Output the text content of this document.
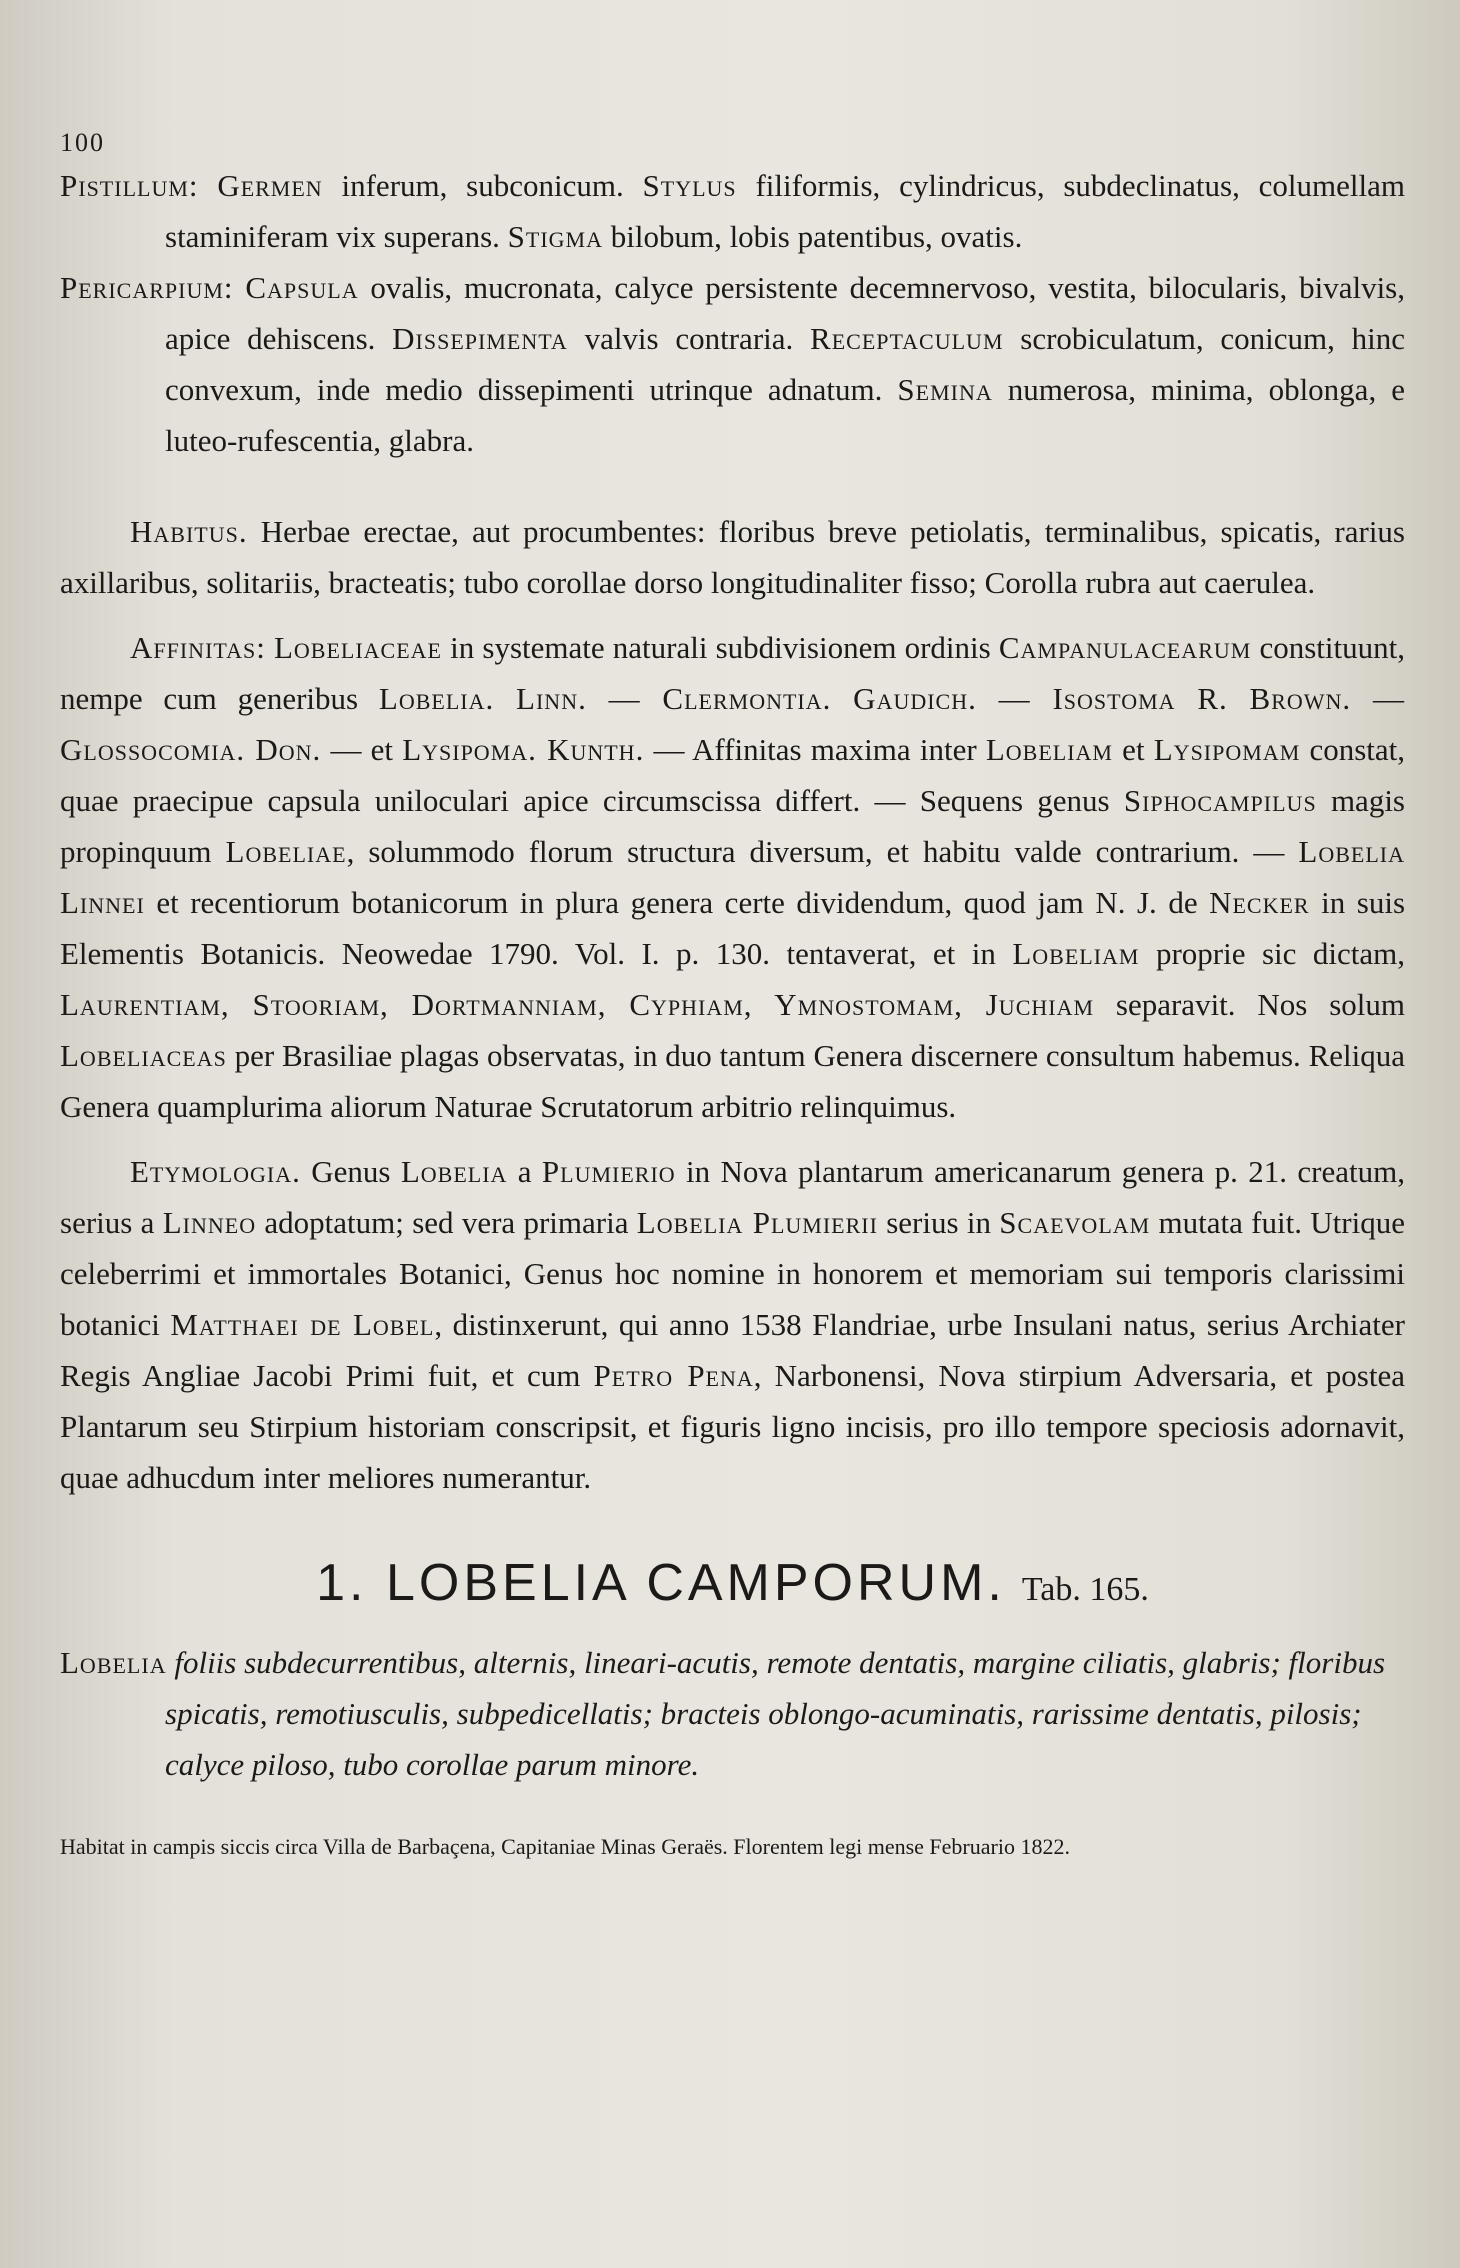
100

Pistillum: Germen inferum, subconicum. Stylus filiformis, cylindricus, subdeclinatus, columellam staminiferam vix superans. Stigma bilobum, lobis patentibus, ovatis.

Pericarpium: Capsula ovalis, mucronata, calyce persistente decemnervoso, vestita, bilocularis, bivalvis, apice dehiscens. Dissepimenta valvis contraria. Receptaculum scrobiculatum, conicum, hinc convexum, inde medio dissepimenti utrinque adnatum. Semina numerosa, minima, oblonga, e luteo-rufescentia, glabra.

Habitus. Herbae erectae, aut procumbentes: floribus breve petiolatis, terminalibus, spicatis, rarius axillaribus, solitariis, bracteatis; tubo corollae dorso longitudinaliter fisso; Corolla rubra aut caerulea.

Affinitas: Lobeliaceae in systemate naturali subdivisionem ordinis Campanulacearum constituunt, nempe cum generibus Lobelia. Linn. — Clermontia. Gaudich. — Isostoma R. Brown. — Glossocomia. Don. — et Lysipoma. Kunth. — Affinitas maxima inter Lobeliam et Lysipomam constat, quae praecipue capsula uniloculari apice circumscissa differt. — Sequens genus Siphocampilus magis propinquum Lobeliae, solummodo florum structura diversum, et habitu valde contrarium. — Lobelia Linnei et recentiorum botanicorum in plura genera certe dividendum, quod jam N. J. de Necker in suis Elementis Botanicis. Neowedae 1790. Vol. I. p. 130. tentaverat, et in Lobeliam proprie sic dictam, Laurentiam, Stooriam, Dortmanniam, Cyphiam, Ymnostomam, Juchiam separavit. Nos solum Lobeliaceas per Brasiliae plagas observatas, in duo tantum Genera discernere consultum habemus. Reliqua Genera quamplurima aliorum Naturae Scrutatorum arbitrio relinquimus.

Etymologia. Genus Lobelia a Plumierio in Nova plantarum americanarum genera p. 21. creatum, serius a Linneo adoptatum; sed vera primaria Lobelia Plumierii serius in Scaevolam mutata fuit. Utrique celeberrimi et immortales Botanici, Genus hoc nomine in honorem et memoriam sui temporis clarissimi botanici Matthaei de Lobel, distinxerunt, qui anno 1538 Flandriae, urbe Insulani natus, serius Archiater Regis Angliae Jacobi Primi fuit, et cum Petro Pena, Narbonensi, Nova stirpium Adversaria, et postea Plantarum seu Stirpium historiam conscripsit, et figuris ligno incisis, pro illo tempore speciosis adornavit, quae adhucdum inter meliores numerantur.

1. LOBELIA CAMPORUM. Tab. 165.

Lobelia foliis subdecurrentibus, alternis, lineari-acutis, remote dentatis, margine ciliatis, glabris; floribus spicatis, remotiusculis, subpedicellatis; bracteis oblongo-acuminatis, rarissime dentatis, pilosis; calyce piloso, tubo corollae parum minore.

Habitat in campis siccis circa Villa de Barbaçena, Capitaniae Minas Geraës. Florentem legi mense Februario 1822.
